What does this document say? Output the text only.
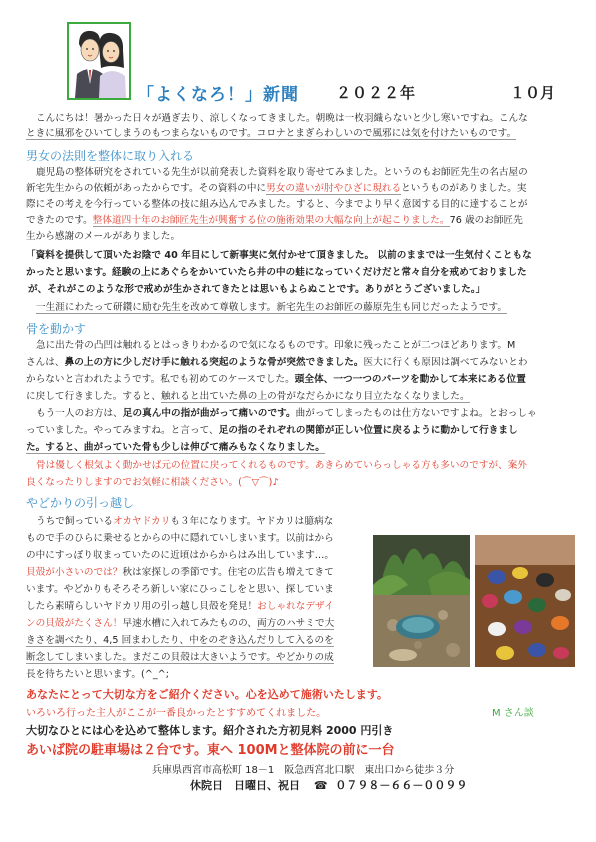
「よくなろ！」新聞 ２０２２年	１０月
こんにちは！暑かった日々が過ぎ去り、涼しくなってきました。朝晩は一枚羽織らないと少し寒いですね。こんな
ときに風邪をひいてしまうのもつまらないものです。コロナとまぎらわしいので風邪には気を付けたいものです。
男女の法則を整体に取り入れる
鹿児島の整体研究をされている先生が以前発表した資料を取り寄せてみました。というのもお師匠先生の名古屋の
新宅先生からの依頼があったからです。その資料の中に男女の違いが肘やひざに現れるというものがありました。実
際にその考えを今行っている整体の技に組み込んでみました。すると、今までより早く意図する目的に達することが
できたのです。整体道四十年のお師匠先生が興奮する位の施術効果の大幅な向上が起こりました。76 歳のお師匠先
生から感謝のメールがありました。
「資料を提供して頂いたお陰で 40 年目にして新事実に気付かせて頂きました。 以前のままでは一生気付くこともな
かったと思います。経験の上にあぐらをかいていたら井の中の蛙になっていくだけだと常々自分を戒めておりました
が、それがこのような形で戒めが生かされてきたとは思いもよらぬことです。ありがとうございました。」
一生涯にわたって研鑽に励む先生を改めて尊敬します。新宅先生のお師匠の藤原先生も同じだったようです。
骨を動かす
急に出た骨の凸凹は触れるとはっきりわかるので気になるものです。印象に残ったことが二つほどあります。M
さんは、鼻の上の方に少しだけ手に触れる突起のような骨が突然できました。医大に行くも原因は調べてみないとわ
からないと言われたようです。私でも初めてのケースでした。頭全体、一つ一つのパーツを動かして本来にある位置
に戻して行きました。すると、触れると出ていた鼻の上の骨がなだらかになり目立たなくなりました。
もう一人のお方は、足の真ん中の指が曲がって痛いのです。曲がってしまったものは仕方ないですよね。とおっしゃ
っていました。やってみますね。と言って、足の指のそれぞれの関節が正しい位置に戻るように動かして行きまし
た。すると、曲がっていた骨も少しは伸びて痛みもなくなりました。
骨は優しく根気よく動かせば元の位置に戻ってくれるものです。あきらめていらっしゃる方も多いのですが、案外
良くなったりしますのでお気軽に相談ください。(⌒▽⌒)♪
やどかりの引っ越し
うちで飼っているオカヤドカリも３年になります。ヤドカリは臆病な
もので手のひらに乗せるとからの中に隠れていしまいます。以前はから
の中にすっぽり収まっていたのに近頃はからからはみ出しています…。
貝殻が小さいのでは？秋は家探しの季節です。住宅の広告も増えてきて
います。やどかりもそろそろ新しい家にひっこしをと思い、探していま
したら素晴らしいヤドカリ用の引っ越し貝殻を発見！おしゃれなデザイ
ンの貝殻がたくさん！早速水槽に入れてみたものの、両方のハサミで大
きさを調べたり、4,5 回まわしたり、中をのぞき込んだりして入るのを
断念してしまいました。まだこの貝殻は大きいようです。やどかりの成
長を待ちたいと思います。(^_^;
あなたにとって大切な方をご紹介ください。心を込めて施術いたします。
いろいろ行った主人がここが一番良かったとすすめてくれました。	M さん談
大切なひとには心を込めて整体します。紹介された方初見料 2000 円引き
あいば院の駐車場は２台です。東へ 100Mと整体院の前に一台
兵庫県西宮市高松町 18－1　阪急西宮北口駅　東出口から徒歩３分
休院日　日曜日、祝日 ☎ ０７９８－６６－００９９
